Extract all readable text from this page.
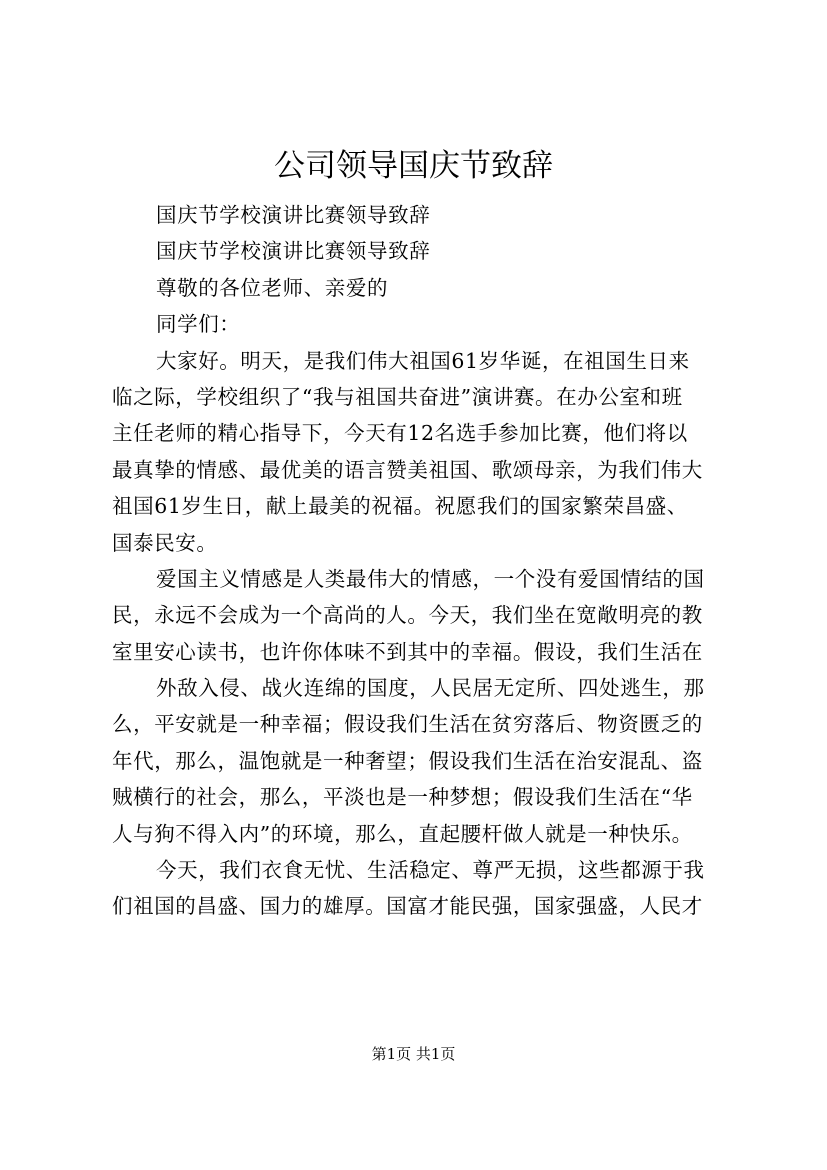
公司领导国庆节致辞
国庆节学校演讲比赛领导致辞
国庆节学校演讲比赛领导致辞
尊敬的各位老师、亲爱的
同学们：
大家好。明天，是我们伟大祖国61岁华诞，在祖国生日来
临之际，学校组织了“我与祖国共奋进”演讲赛。在办公室和班
主任老师的精心指导下，今天有12名选手参加比赛，他们将以
最真挚的情感、最优美的语言赞美祖国、歌颂母亲，为我们伟大
祖国61岁生日，献上最美的祝福。祝愿我们的国家繁荣昌盛、
国泰民安。
爱国主义情感是人类最伟大的情感，一个没有爱国情结的国
民，永远不会成为一个高尚的人。今天，我们坐在宽敞明亮的教
室里安心读书，也许你体味不到其中的幸福。假设，我们生活在
外敌入侵、战火连绵的国度，人民居无定所、四处逃生，那
么，平安就是一种幸福；假设我们生活在贫穷落后、物资匮乏的
年代，那么，温饱就是一种奢望；假设我们生活在治安混乱、盗
贼横行的社会，那么，平淡也是一种梦想；假设我们生活在“华
人与狗不得入内”的环境，那么，直起腰杆做人就是一种快乐。
今天，我们衣食无忧、生活稳定、尊严无损，这些都源于我
们祖国的昌盛、国力的雄厚。国富才能民强，国家强盛，人民才
第1页 共1页
